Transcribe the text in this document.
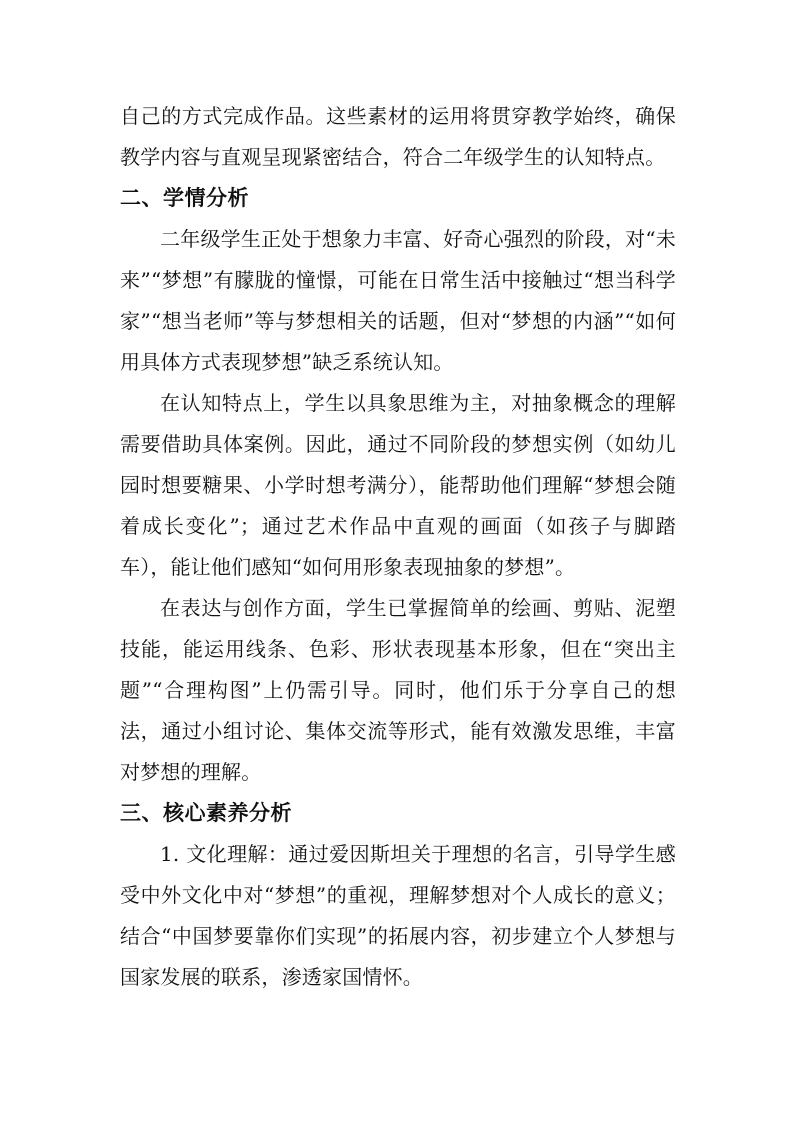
自己的方式完成作品。这些素材的运用将贯穿教学始终，确保教学内容与直观呈现紧密结合，符合二年级学生的认知特点。

二、学情分析

二年级学生正处于想象力丰富、好奇心强烈的阶段，对“未来”“梦想”有朦胧的憧憬，可能在日常生活中接触过“想当科学家”“想当老师”等与梦想相关的话题，但对“梦想的内涵”“如何用具体方式表现梦想”缺乏系统认知。

在认知特点上，学生以具象思维为主，对抽象概念的理解需要借助具体案例。因此，通过不同阶段的梦想实例（如幼儿园时想要糖果、小学时想考满分），能帮助他们理解“梦想会随着成长变化”；通过艺术作品中直观的画面（如孩子与脚踏车），能让他们感知“如何用形象表现抽象的梦想”。

在表达与创作方面，学生已掌握简单的绘画、剪贴、泥塑技能，能运用线条、色彩、形状表现基本形象，但在“突出主题”“合理构图”上仍需引导。同时，他们乐于分享自己的想法，通过小组讨论、集体交流等形式，能有效激发思维，丰富对梦想的理解。

三、核心素养分析

1. 文化理解：通过爱因斯坦关于理想的名言，引导学生感受中外文化中对“梦想”的重视，理解梦想对个人成长的意义；结合“中国梦要靠你们实现”的拓展内容，初步建立个人梦想与国家发展的联系，渗透家国情怀。
